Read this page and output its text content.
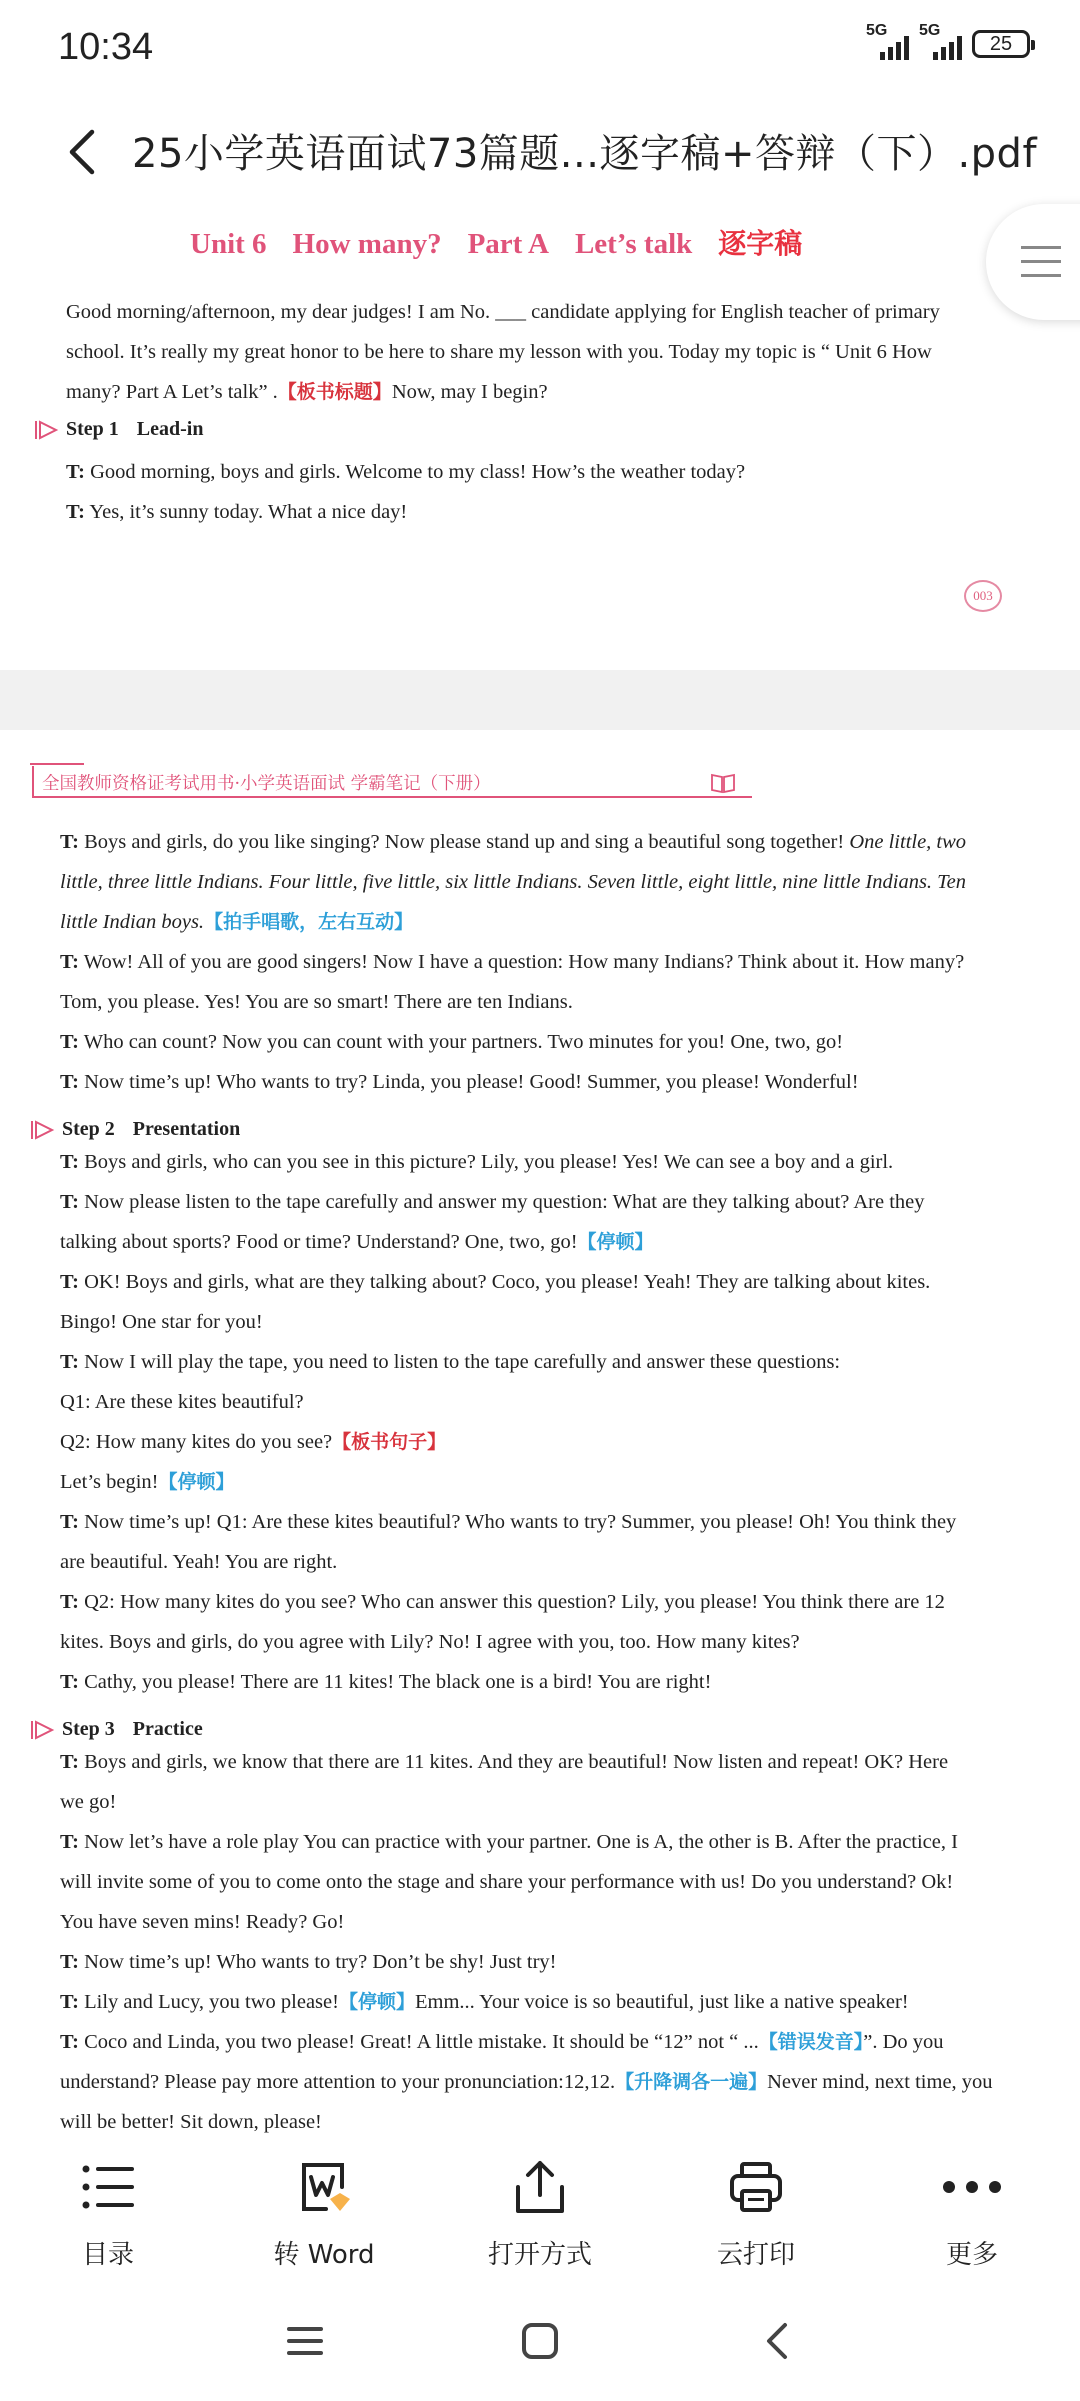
10:34	5G 5G
25
25小学英语面试73篇题...逐字稿+答辩（下）.pdf
Unit 6 How many? Part A Let’s talk 逐字稿
Good morning/afternoon, my dear judges! I am No. ___ candidate applying for English teacher of primary
school. It’s really my great honor to be here to share my lesson with you. Today my topic is “ Unit 6 How
many? Part A Let’s talk” .【板书标题】Now, may I begin?
Step 1 Lead-in
T: Good morning, boys and girls. Welcome to my class! How’s the weather today?
T: Yes, it’s sunny today. What a nice day!
003
全国教师资格证考试用书·小学英语面试 学霸笔记（下册）
T: Boys and girls, do you like singing? Now please stand up and sing a beautiful song together! One little, two
little, three little Indians. Four little, five little, six little Indians. Seven little, eight little, nine little Indians. Ten
little Indian boys.【拍手唱歌，左右互动】
T: Wow! All of you are good singers! Now I have a question: How many Indians? Think about it. How many?
Tom, you please. Yes! You are so smart! There are ten Indians.
T: Who can count? Now you can count with your partners. Two minutes for you! One, two, go!
T: Now time’s up! Who wants to try? Linda, you please! Good! Summer, you please! Wonderful!
Step 2 Presentation
T: Boys and girls, who can you see in this picture? Lily, you please! Yes! We can see a boy and a girl.
T: Now please listen to the tape carefully and answer my question: What are they talking about? Are they
talking about sports? Food or time? Understand? One, two, go!【停顿】
T: OK! Boys and girls, what are they talking about? Coco, you please! Yeah! They are talking about kites.
Bingo! One star for you!
T: Now I will play the tape, you need to listen to the tape carefully and answer these questions:
Q1: Are these kites beautiful?
Q2: How many kites do you see?【板书句子】
Let’s begin!【停顿】
T: Now time’s up! Q1: Are these kites beautiful? Who wants to try? Summer, you please! Oh! You think they
are beautiful. Yeah! You are right.
T: Q2: How many kites do you see? Who can answer this question? Lily, you please! You think there are 12
kites. Boys and girls, do you agree with Lily? No! I agree with you, too. How many kites?
T: Cathy, you please! There are 11 kites! The black one is a bird! You are right!
Step 3 Practice
T: Boys and girls, we know that there are 11 kites. And they are beautiful! Now listen and repeat! OK? Here
we go!
T: Now let’s have a role play You can practice with your partner. One is A, the other is B. After the practice, I
will invite some of you to come onto the stage and share your performance with us! Do you understand? Ok!
You have seven mins! Ready? Go!
T: Now time’s up! Who wants to try? Don’t be shy! Just try!
T: Lily and Lucy, you two please!【停顿】Emm... Your voice is so beautiful, just like a native speaker!
T: Coco and Linda, you two please! Great! A little mistake. It should be “12” not “ ...【错误发音】”. Do you
understand? Please pay more attention to your pronunciation:12,12.【升降调各一遍】Never mind, next time, you
will be better! Sit down, please!
目录	转 Word	打开方式	云打印	更多
